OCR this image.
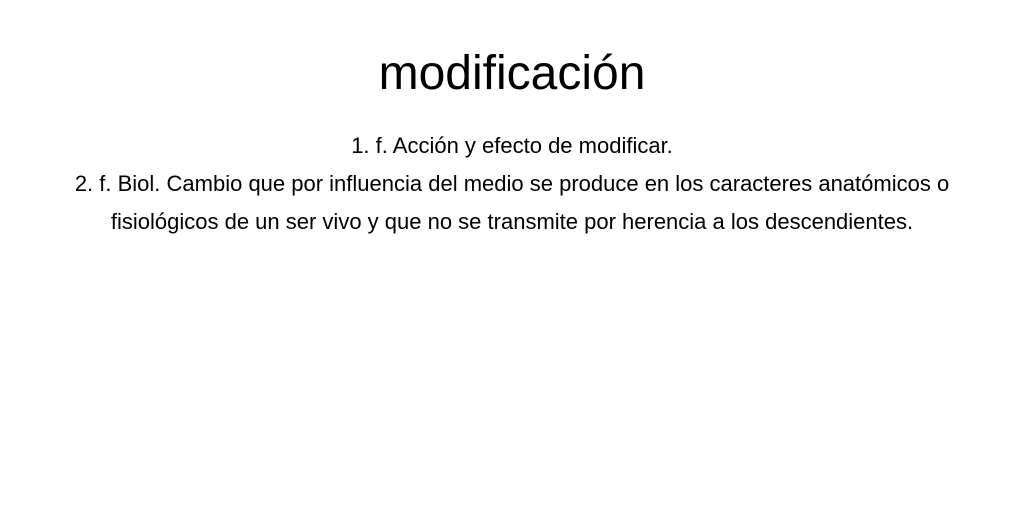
modificación

1. f. Acción y efecto de modificar.

2. f. Biol. Cambio que por influencia del medio se produce en los caracteres anatómicos o fisiológicos de un ser vivo y que no se transmite por herencia a los descendientes.
